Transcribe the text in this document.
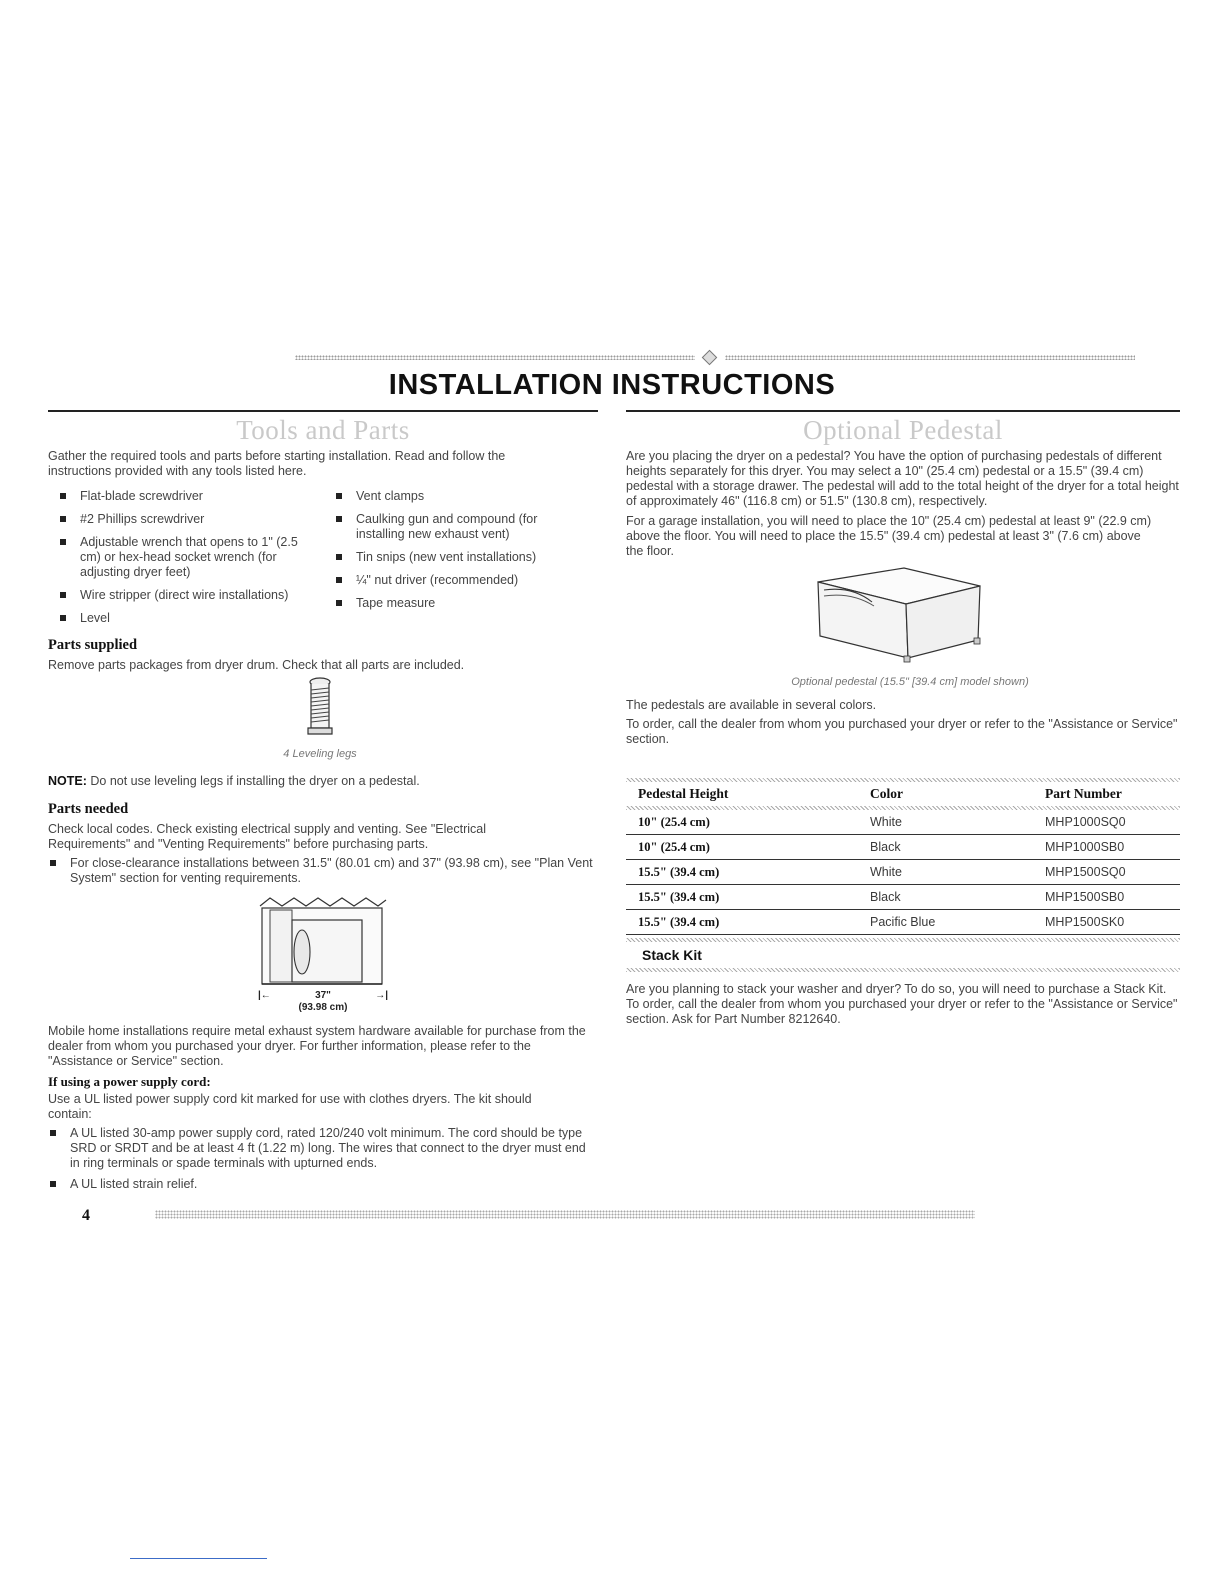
INSTALLATION INSTRUCTIONS
Tools and Parts

Gather the required tools and parts before starting installation. Read and follow the instructions provided with any tools listed here.

Flat-blade screwdriver
#2 Phillips screwdriver
Adjustable wrench that opens to 1" (2.5 cm) or hex-head socket wrench (for adjusting dryer feet)
Wire stripper (direct wire installations)
Level
Vent clamps
Caulking gun and compound (for installing new exhaust vent)
Tin snips (new vent installations)
¼" nut driver (recommended)
Tape measure
Parts supplied

Remove parts packages from dryer drum. Check that all parts are included.

4 Leveling legs

NOTE: Do not use leveling legs if installing the dryer on a pedestal.

Parts needed

Check local codes. Check existing electrical supply and venting. See "Electrical Requirements" and "Venting Requirements" before purchasing parts.

For close-clearance installations between 31.5" (80.01 cm) and 37" (93.98 cm), see "Plan Vent System" section for venting requirements.
|←	37"	→|
(93.98 cm)

Mobile home installations require metal exhaust system hardware available for purchase from the dealer from whom you purchased your dryer. For further information, please refer to the "Assistance or Service" section.

If using a power supply cord:

Use a UL listed power supply cord kit marked for use with clothes dryers. The kit should contain:

A UL listed 30-amp power supply cord, rated 120/240 volt minimum. The cord should be type SRD or SRDT and be at least 4 ft (1.22 m) long. The wires that connect to the dryer must end in ring terminals or spade terminals with upturned ends.
A UL listed strain relief.
Optional Pedestal

Are you placing the dryer on a pedestal? You have the option of purchasing pedestals of different heights separately for this dryer. You may select a 10" (25.4 cm) pedestal or a 15.5" (39.4 cm) pedestal with a storage drawer. The pedestal will add to the total height of the dryer for a total height of approximately 46" (116.8 cm) or 51.5" (130.8 cm), respectively.

For a garage installation, you will need to place the 10" (25.4 cm) pedestal at least 9" (22.9 cm) above the floor. You will need to place the 15.5" (39.4 cm) pedestal at least 3" (7.6 cm) above the floor.

Optional pedestal (15.5" [39.4 cm] model shown)

The pedestals are available in several colors.

To order, call the dealer from whom you purchased your dryer or refer to the "Assistance or Service" section.

Pedestal Height	Color	Part Number
10" (25.4 cm)	White	MHP1000SQ0
10" (25.4 cm)	Black	MHP1000SB0
15.5" (39.4 cm)	White	MHP1500SQ0
15.5" (39.4 cm)	Black	MHP1500SB0
15.5" (39.4 cm)	Pacific Blue	MHP1500SK0
Stack Kit

Are you planning to stack your washer and dryer? To do so, you will need to purchase a Stack Kit. To order, call the dealer from whom you purchased your dryer or refer to the "Assistance or Service" section. Ask for Part Number 8212640.

4
